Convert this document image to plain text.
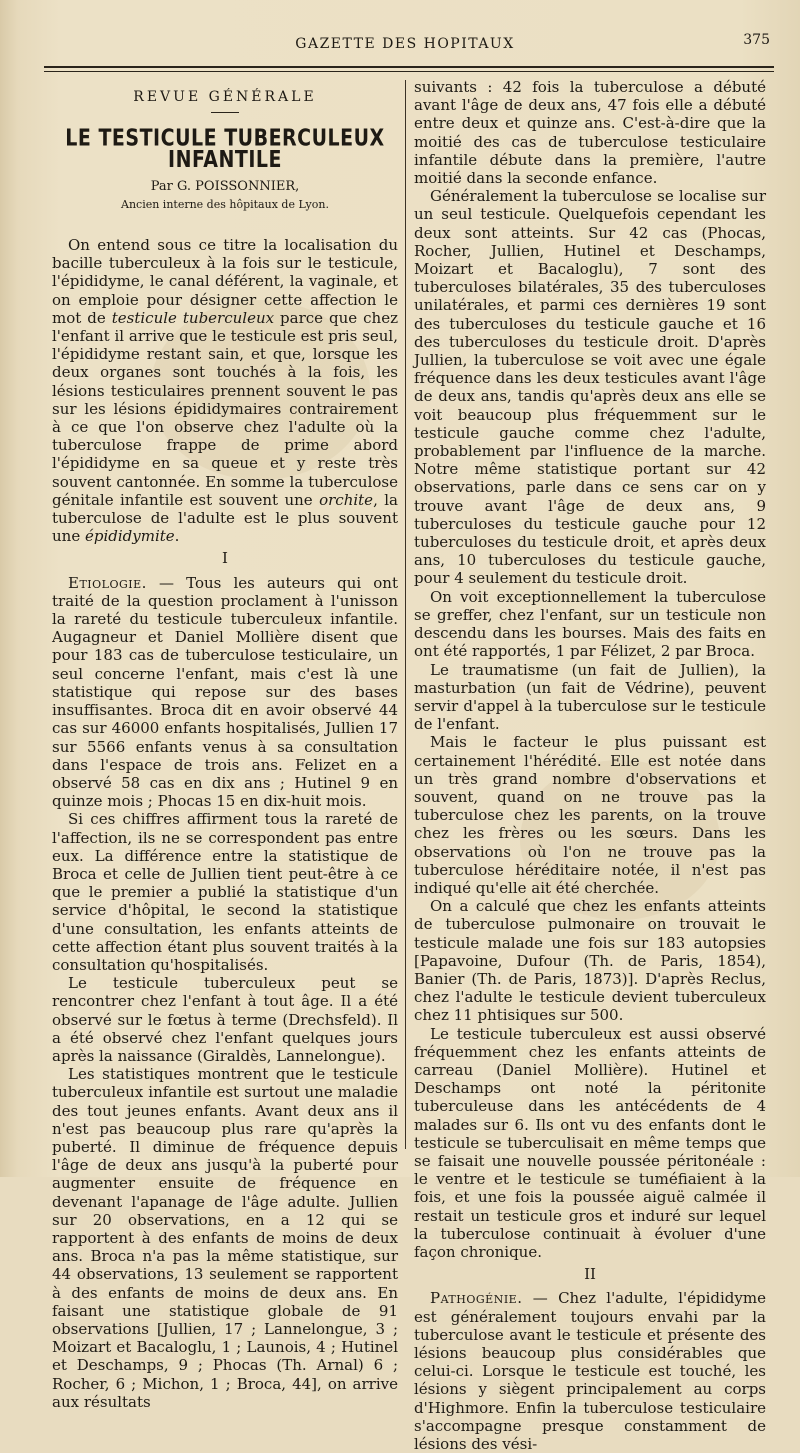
GAZETTE DES HOPITAUX	375

REVUE GÉNÉRALE

LE TESTICULE TUBERCULEUX INFANTILE

Par G. POISSONNIER,

Ancien interne des hôpitaux de Lyon.

On entend sous ce titre la localisation du bacille tuberculeux à la fois sur le testicule, l'épididyme, le canal déférent, la vaginale, et on emploie pour désigner cette affection le mot de testicule tuberculeux parce que chez l'enfant il arrive que le testicule est pris seul, l'épididyme restant sain, et que, lorsque les deux organes sont touchés à la fois, les lésions testiculaires prennent souvent le pas sur les lésions épididymaires contrairement à ce que l'on observe chez l'adulte où la tuberculose frappe de prime abord l'épididyme en sa queue et y reste très souvent cantonnée. En somme la tuberculose génitale infantile est souvent une orchite, la tuberculose de l'adulte est le plus souvent une épididymite.

I

Etiologie. — Tous les auteurs qui ont traité de la question proclament à l'unisson la rareté du testicule tuberculeux infantile. Augagneur et Daniel Mollière disent que pour 183 cas de tuberculose testiculaire, un seul concerne l'enfant, mais c'est là une statistique qui repose sur des bases insuffisantes. Broca dit en avoir observé 44 cas sur 46000 enfants hospitalisés, Jullien 17 sur 5566 enfants venus à sa consultation dans l'espace de trois ans. Felizet en a observé 58 cas en dix ans ; Hutinel 9 en quinze mois ; Phocas 15 en dix-huit mois.

Si ces chiffres affirment tous la rareté de l'affection, ils ne se correspondent pas entre eux. La différence entre la statistique de Broca et celle de Jullien tient peut-être à ce que le premier a publié la statistique d'un service d'hôpital, le second la statistique d'une consultation, les enfants atteints de cette affection étant plus souvent traités à la consultation qu'hospitalisés.

Le testicule tuberculeux peut se rencontrer chez l'enfant à tout âge. Il a été observé sur le fœtus à terme (Drechsfeld). Il a été observé chez l'enfant quelques jours après la naissance (Giraldès, Lannelongue).

Les statistiques montrent que le testicule tuberculeux infantile est surtout une maladie des tout jeunes enfants. Avant deux ans il n'est pas beaucoup plus rare qu'après la puberté. Il diminue de fréquence depuis l'âge de deux ans jusqu'à la puberté pour augmenter ensuite de fréquence en devenant l'apanage de l'âge adulte. Jullien sur 20 observations, en a 12 qui se rapportent à des enfants de moins de deux ans. Broca n'a pas la même statistique, sur 44 observations, 13 seulement se rapportent à des enfants de moins de deux ans. En faisant une statistique globale de 91 observations [Jullien, 17 ; Lannelongue, 3 ; Moizart et Bacaloglu, 1 ; Launois, 4 ; Hutinel et Deschamps, 9 ; Phocas (Th. Arnal) 6 ; Rocher, 6 ; Michon, 1 ; Broca, 44], on arrive aux résultats

suivants : 42 fois la tuberculose a débuté avant l'âge de deux ans, 47 fois elle a débuté entre deux et quinze ans. C'est-à-dire que la moitié des cas de tuberculose testiculaire infantile débute dans la première, l'autre moitié dans la seconde enfance.

Généralement la tuberculose se localise sur un seul testicule. Quelquefois cependant les deux sont atteints. Sur 42 cas (Phocas, Rocher, Jullien, Hutinel et Deschamps, Moizart et Bacaloglu), 7 sont des tuberculoses bilatérales, 35 des tuberculoses unilatérales, et parmi ces dernières 19 sont des tuberculoses du testicule gauche et 16 des tuberculoses du testicule droit. D'après Jullien, la tuberculose se voit avec une égale fréquence dans les deux testicules avant l'âge de deux ans, tandis qu'après deux ans elle se voit beaucoup plus fréquemment sur le testicule gauche comme chez l'adulte, probablement par l'influence de la marche. Notre même statistique portant sur 42 observations, parle dans ce sens car on y trouve avant l'âge de deux ans, 9 tuberculoses du testicule gauche pour 12 tuberculoses du testicule droit, et après deux ans, 10 tuberculoses du testicule gauche, pour 4 seulement du testicule droit.

On voit exceptionnellement la tuberculose se greffer, chez l'enfant, sur un testicule non descendu dans les bourses. Mais des faits en ont été rapportés, 1 par Félizet, 2 par Broca.

Le traumatisme (un fait de Jullien), la masturbation (un fait de Védrine), peuvent servir d'appel à la tuberculose sur le testicule de l'enfant.

Mais le facteur le plus puissant est certainement l'hérédité. Elle est notée dans un très grand nombre d'observations et souvent, quand on ne trouve pas la tuberculose chez les parents, on la trouve chez les frères ou les sœurs. Dans les observations où l'on ne trouve pas la tuberculose héréditaire notée, il n'est pas indiqué qu'elle ait été cherchée.

On a calculé que chez les enfants atteints de tuberculose pulmonaire on trouvait le testicule malade une fois sur 183 autopsies [Papavoine, Dufour (Th. de Paris, 1854), Banier (Th. de Paris, 1873)]. D'après Reclus, chez l'adulte le testicule devient tuberculeux chez 11 phtisiques sur 500.

Le testicule tuberculeux est aussi observé fréquemment chez les enfants atteints de carreau (Daniel Mollière). Hutinel et Deschamps ont noté la péritonite tuberculeuse dans les antécédents de 4 malades sur 6. Ils ont vu des enfants dont le testicule se tuberculisait en même temps que se faisait une nouvelle poussée péritonéale : le ventre et le testicule se tuméfiaient à la fois, et une fois la poussée aiguë calmée il restait un testicule gros et induré sur lequel la tuberculose continuait à évoluer d'une façon chronique.

II

Pathogénie. — Chez l'adulte, l'épididyme est généralement toujours envahi par la tuberculose avant le testicule et présente des lésions beaucoup plus considérables que celui-ci. Lorsque le testicule est touché, les lésions y siègent principalement au corps d'Highmore. Enfin la tuberculose testiculaire s'accompagne presque constamment de lésions des vési-
